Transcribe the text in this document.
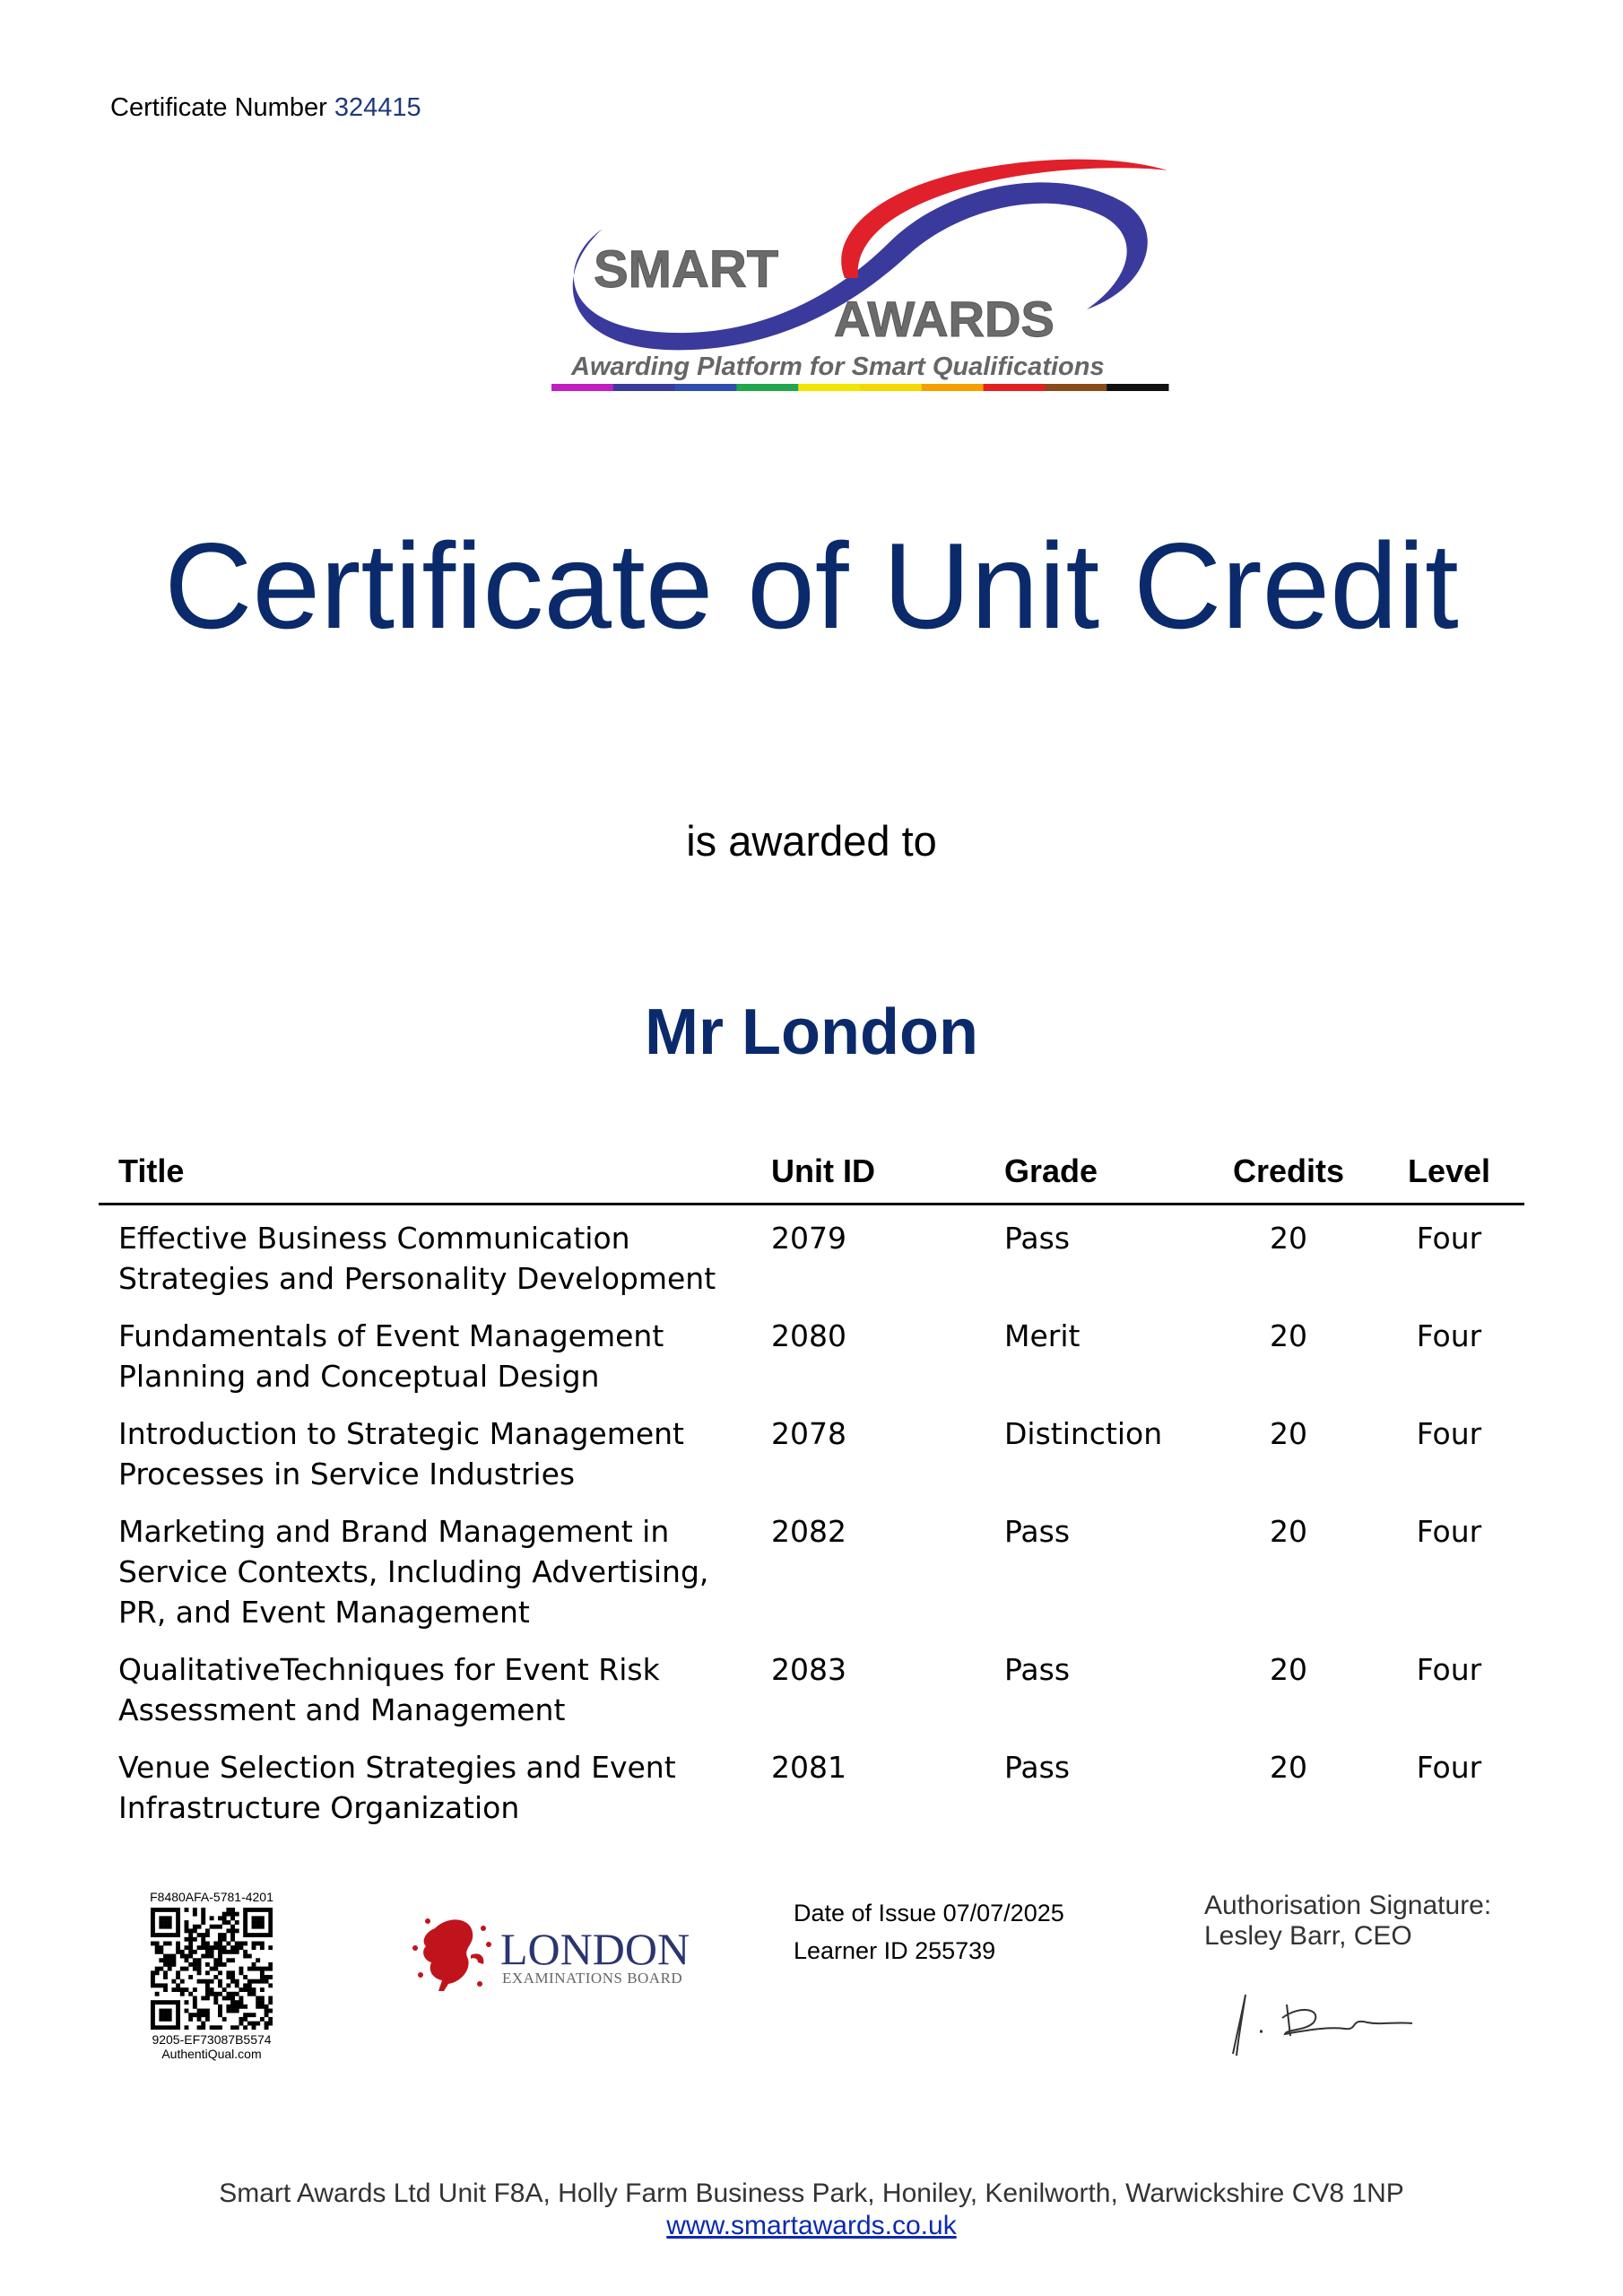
Certificate Number 324415
SMART
AWARDS
Awarding Platform for Smart Qualifications
Certificate of Unit Credit
is awarded to
Mr London
Title	Unit ID	Grade	Credits	Level
Effective Business Communication Strategies and Personality Development	2079	Pass	20	Four
Fundamentals of Event Management Planning and Conceptual Design	2080	Merit	20	Four
Introduction to Strategic Management Processes in Service Industries	2078	Distinction	20	Four
Marketing and Brand Management in Service Contexts, Including Advertising, PR, and Event Management	2082	Pass	20	Four
QualitativeTechniques for Event Risk Assessment and Management	2083	Pass	20	Four
Venue Selection Strategies and Event Infrastructure Organization	2081	Pass	20	Four
F8480AFA-5781-4201
9205-EF73087B5574
AuthentiQual.com
LONDON
EXAMINATIONS BOARD
Date of Issue 07/07/2025
Learner ID 255739
Authorisation Signature:
Lesley Barr, CEO
Smart Awards Ltd Unit F8A, Holly Farm Business Park, Honiley, Kenilworth, Warwickshire CV8 1NP
www.smartawards.co.uk
